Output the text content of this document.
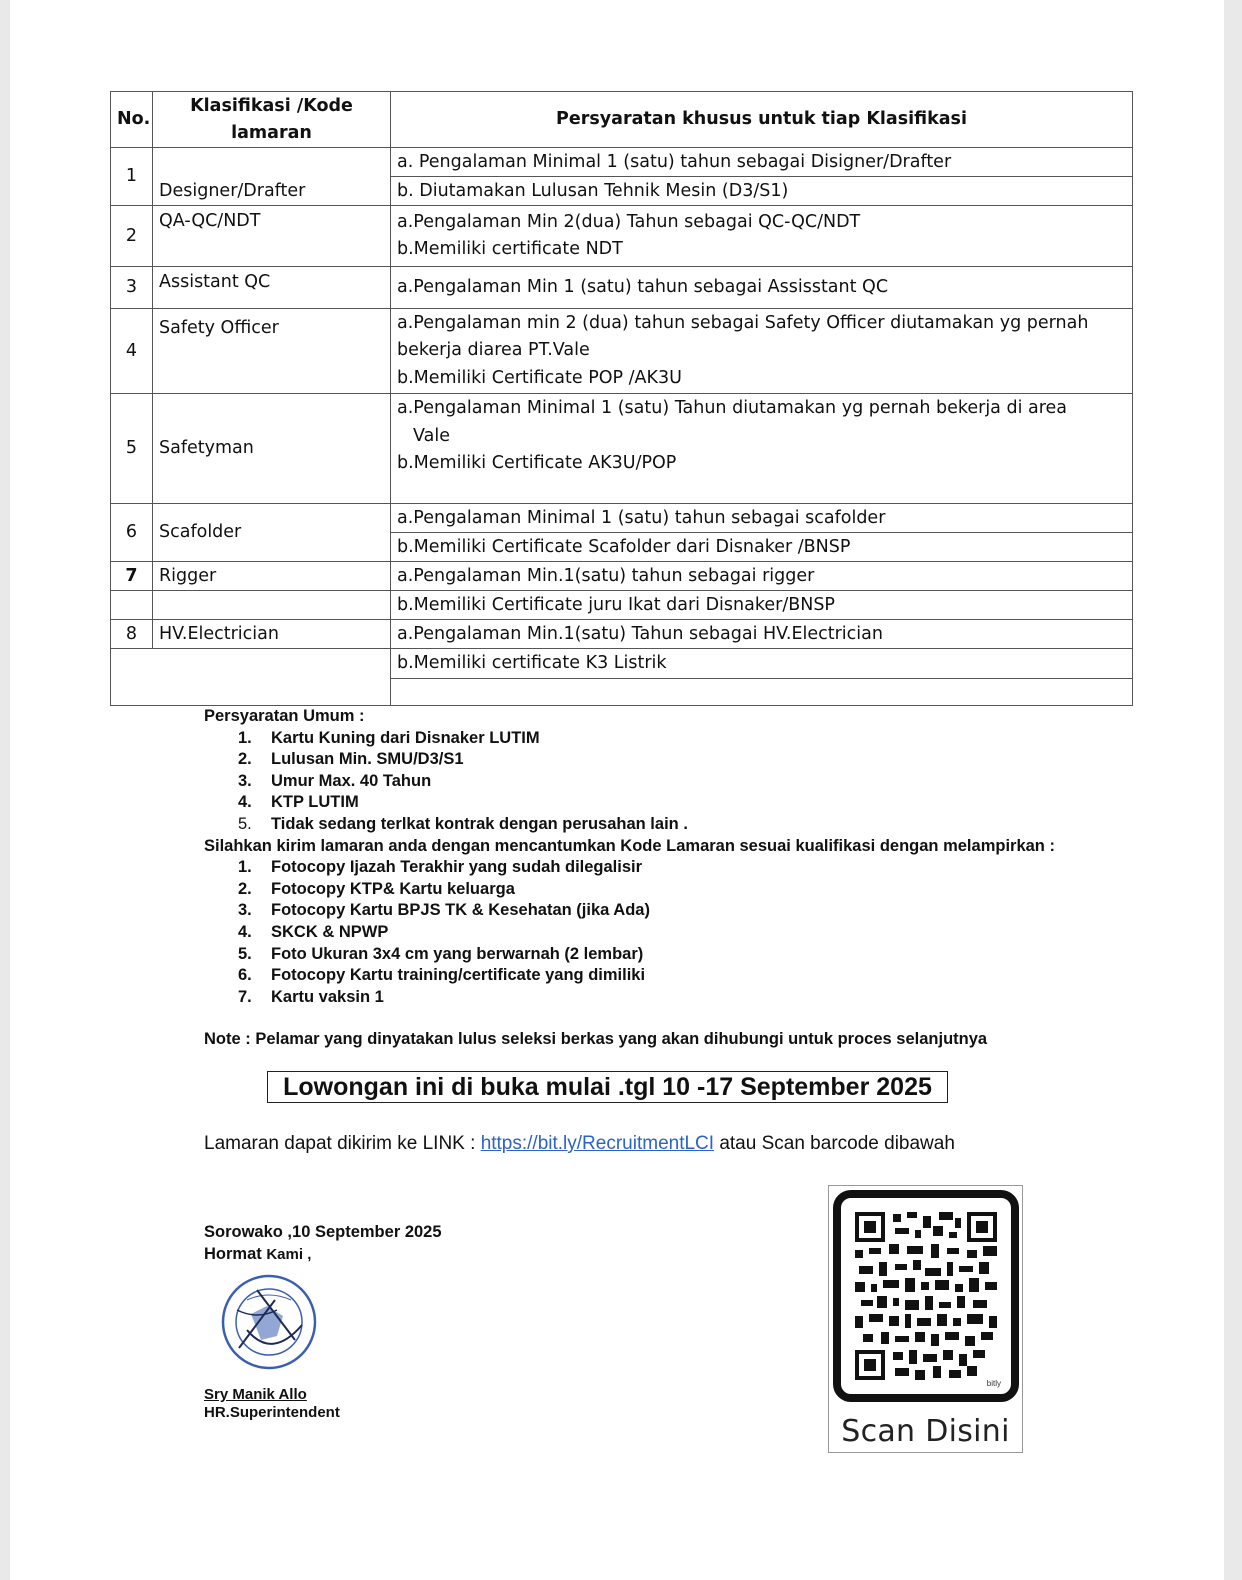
No.	Klasifikasi /Kode lamaran	Persyaratan khusus untuk tiap Klasifikasi
1	Designer/Drafter	a. Pengalaman Minimal 1 (satu) tahun sebagai Disigner/Drafter
		b. Diutamakan Lulusan Tehnik Mesin (D3/S1)
2	QA-QC/NDT	a.Pengalaman Min 2(dua) Tahun sebagai QC-QC/NDT
b.Memiliki certificate NDT

3	Assistant QC	a.Pengalaman Min 1 (satu) tahun sebagai Assisstant QC
4	Safety Officer	a.Pengalaman min 2 (dua) tahun sebagai Safety Officer diutamakan yg pernah
bekerja diarea PT.Vale
b.Memiliki Certificate POP /AK3U

5	Safetyman	a.Pengalaman Minimal 1 (satu) Tahun diutamakan yg pernah bekerja di area
Vale
b.Memiliki Certificate AK3U/POP

6	Scafolder	a.Pengalaman Minimal 1 (satu) tahun sebagai scafolder
		b.Memiliki Certificate Scafolder dari Disnaker /BNSP
7	Rigger	a.Pengalaman Min.1(satu) tahun sebagai rigger
		b.Memiliki Certificate juru Ikat dari Disnaker/BNSP
8	HV.Electrician	a.Pengalaman Min.1(satu) Tahun sebagai HV.Electrician
		b.Memiliki certificate K3 Listrik

Persyaratan Umum :

1. Kartu Kuning dari Disnaker LUTIM
2. Lulusan Min. SMU/D3/S1
3. Umur Max. 40 Tahun
4. KTP LUTIM
5. Tidak sedang terlkat kontrak dengan perusahan lain .

Silahkan kirim lamaran anda dengan mencantumkan Kode Lamaran sesuai kualifikasi dengan melampirkan :

1. Fotocopy Ijazah Terakhir yang sudah dilegalisir
2. Fotocopy KTP& Kartu keluarga
3. Fotocopy Kartu BPJS TK & Kesehatan (jika Ada)
4. SKCK & NPWP
5. Foto Ukuran 3x4 cm yang berwarnah (2 lembar)
6. Fotocopy Kartu training/certificate yang dimiliki
7. Kartu vaksin 1

Note : Pelamar yang dinyatakan lulus seleksi berkas yang akan dihubungi untuk proces selanjutnya

Lowongan ini di buka mulai .tgl 10 -17 September 2025
Lamaran dapat dikirim ke LINK : https://bit.ly/RecruitmentLCI atau Scan barcode dibawah
Sorowako ,10 September 2025
Hormat Kami ,
Sry Manik Allo
HR.Superintendent
bitly
Scan Disini
